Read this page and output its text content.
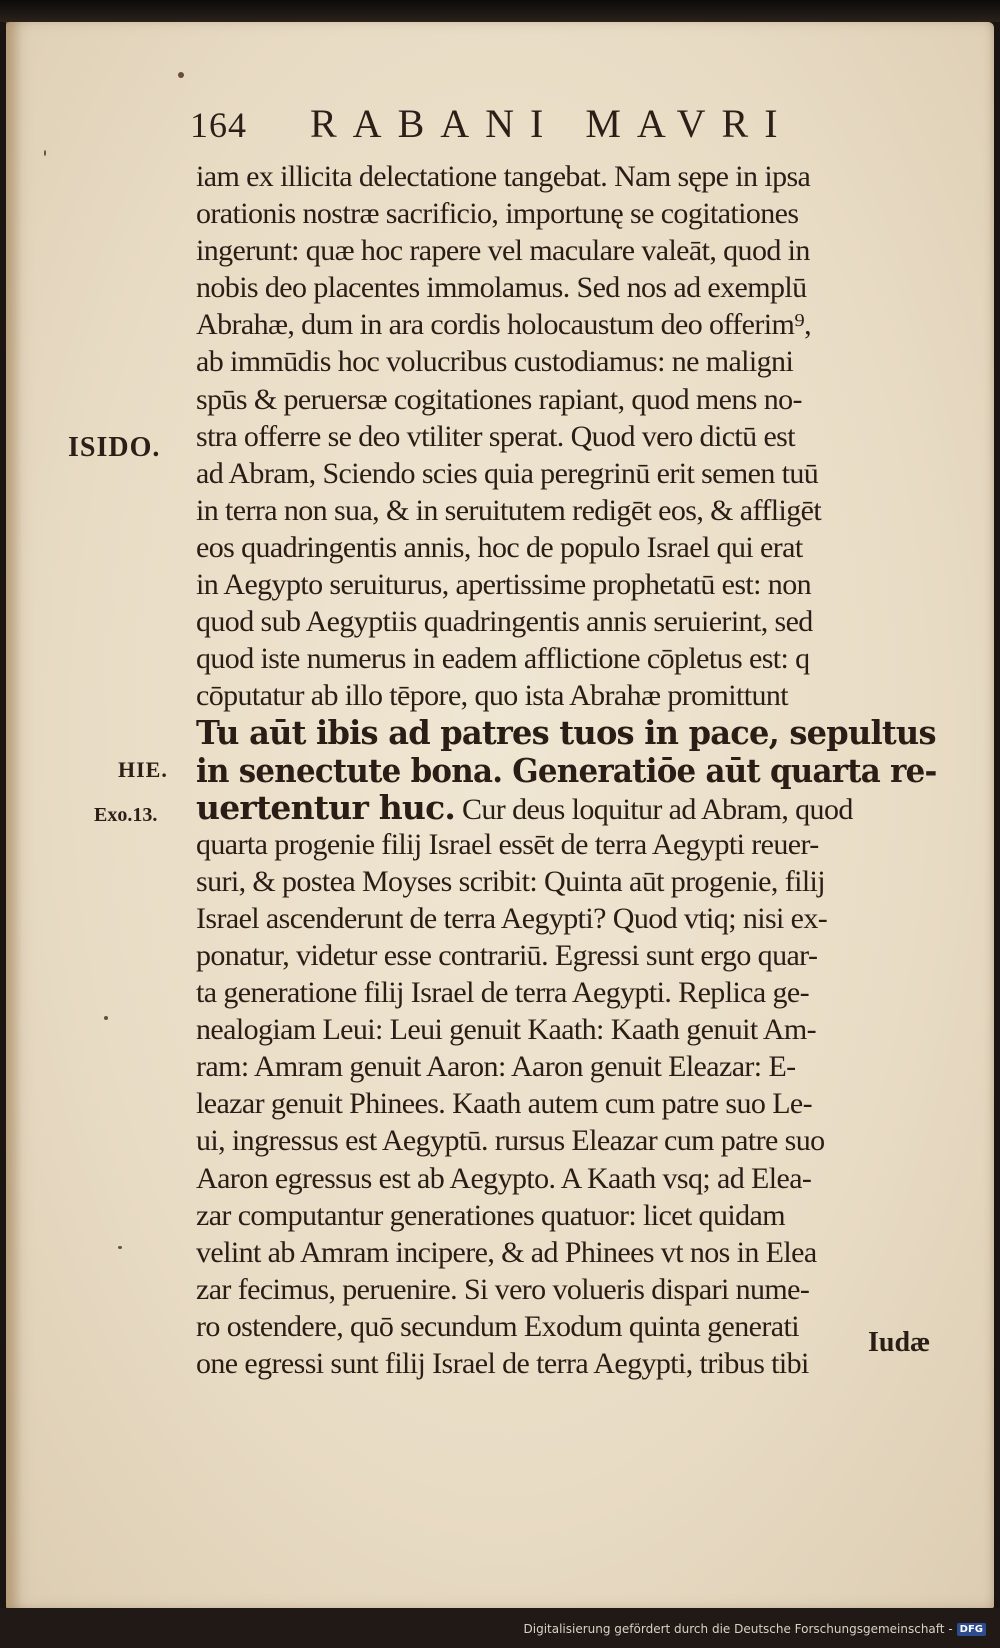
164 RABANI MAVRI
ISIDO.
HIE.
Exo.13.
iam ex illicita delectatione tangebat. Nam sępe in ipsa
orationis nostræ sacrificio, importunę se cogitationes
ingerunt: quæ hoc rapere vel maculare valeāt, quod in
nobis deo placentes immolamus. Sed nos ad exemplū
Abrahæ, dum in ara cordis holocaustum deo offerim⁹,
ab immūdis hoc volucribus custodiamus: ne maligni
spūs & peruersæ cogitationes rapiant, quod mens no-
stra offerre se deo vtiliter sperat. Quod vero dictū est
ad Abram, Sciendo scies quia peregrinū erit semen tuū
in terra non sua, & in seruitutem redigēt eos, & affligēt
eos quadringentis annis, hoc de populo Israel qui erat
in Aegypto seruiturus, apertissime prophetatū est: non
quod sub Aegyptiis quadringentis annis seruierint, sed
quod iste numerus in eadem afflictione cōpletus est: q
cōputatur ab illo tēpore, quo ista Abrahæ promittunt
Tu aūt ibis ad patres tuos in pace, sepultus
in senectute bona. Generatiōe aūt quarta re-
uertentur huc. Cur deus loquitur ad Abram, quod
quarta progenie filij Israel essēt de terra Aegypti reuer-
suri, & postea Moyses scribit: Quinta aūt progenie, filij
Israel ascenderunt de terra Aegypti? Quod vtiq; nisi ex-
ponatur, videtur esse contrariū. Egressi sunt ergo quar-
ta generatione filij Israel de terra Aegypti. Replica ge-
nealogiam Leui: Leui genuit Kaath: Kaath genuit Am-
ram: Amram genuit Aaron: Aaron genuit Eleazar: E-
leazar genuit Phinees. Kaath autem cum patre suo Le-
ui, ingressus est Aegyptū. rursus Eleazar cum patre suo
Aaron egressus est ab Aegypto. A Kaath vsq; ad Elea-
zar computantur generationes quatuor: licet quidam
velint ab Amram incipere, & ad Phinees vt nos in Elea
zar fecimus, peruenire. Si vero volueris dispari nume-
ro ostendere, quō secundum Exodum quinta generati
one egressi sunt filij Israel de terra Aegypti, tribus tibi
Iudæ
Digitalisierung gefördert durch die Deutsche Forschungsgemeinschaft - DFG
